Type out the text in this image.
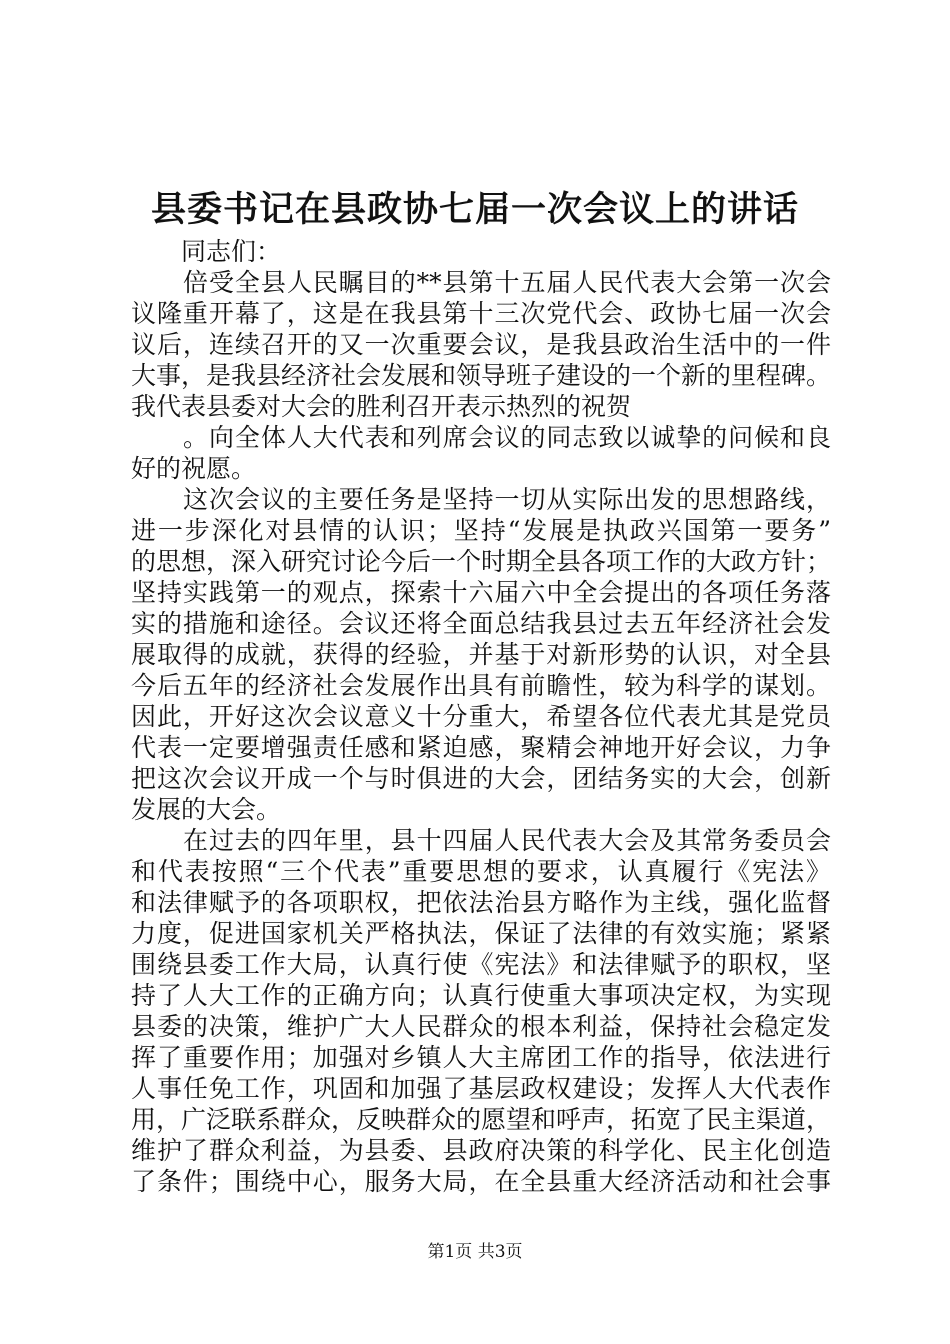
县委书记在县政协七届一次会议上的讲话
同志们：
倍受全县人民瞩目的**县第十五届人民代表大会第一次会
议隆重开幕了，这是在我县第十三次党代会、政协七届一次会
议后，连续召开的又一次重要会议，是我县政治生活中的一件
大事，是我县经济社会发展和领导班子建设的一个新的里程碑。
我代表县委对大会的胜利召开表示热烈的祝贺
。向全体人大代表和列席会议的同志致以诚挚的问候和良
好的祝愿。
这次会议的主要任务是坚持一切从实际出发的思想路线，
进一步深化对县情的认识；坚持“发展是执政兴国第一要务”
的思想，深入研究讨论今后一个时期全县各项工作的大政方针；
坚持实践第一的观点，探索十六届六中全会提出的各项任务落
实的措施和途径。会议还将全面总结我县过去五年经济社会发
展取得的成就，获得的经验，并基于对新形势的认识，对全县
今后五年的经济社会发展作出具有前瞻性，较为科学的谋划。
因此，开好这次会议意义十分重大，希望各位代表尤其是党员
代表一定要增强责任感和紧迫感，聚精会神地开好会议，力争
把这次会议开成一个与时俱进的大会，团结务实的大会，创新
发展的大会。
在过去的四年里，县十四届人民代表大会及其常务委员会
和代表按照“三个代表”重要思想的要求，认真履行《宪法》
和法律赋予的各项职权，把依法治县方略作为主线，强化监督
力度，促进国家机关严格执法，保证了法律的有效实施；紧紧
围绕县委工作大局，认真行使《宪法》和法律赋予的职权，坚
持了人大工作的正确方向；认真行使重大事项决定权，为实现
县委的决策，维护广大人民群众的根本利益，保持社会稳定发
挥了重要作用；加强对乡镇人大主席团工作的指导，依法进行
人事任免工作，巩固和加强了基层政权建设；发挥人大代表作
用，广泛联系群众，反映群众的愿望和呼声，拓宽了民主渠道，
维护了群众利益，为县委、县政府决策的科学化、民主化创造
了条件；围绕中心，服务大局，在全县重大经济活动和社会事
第1页 共3页
